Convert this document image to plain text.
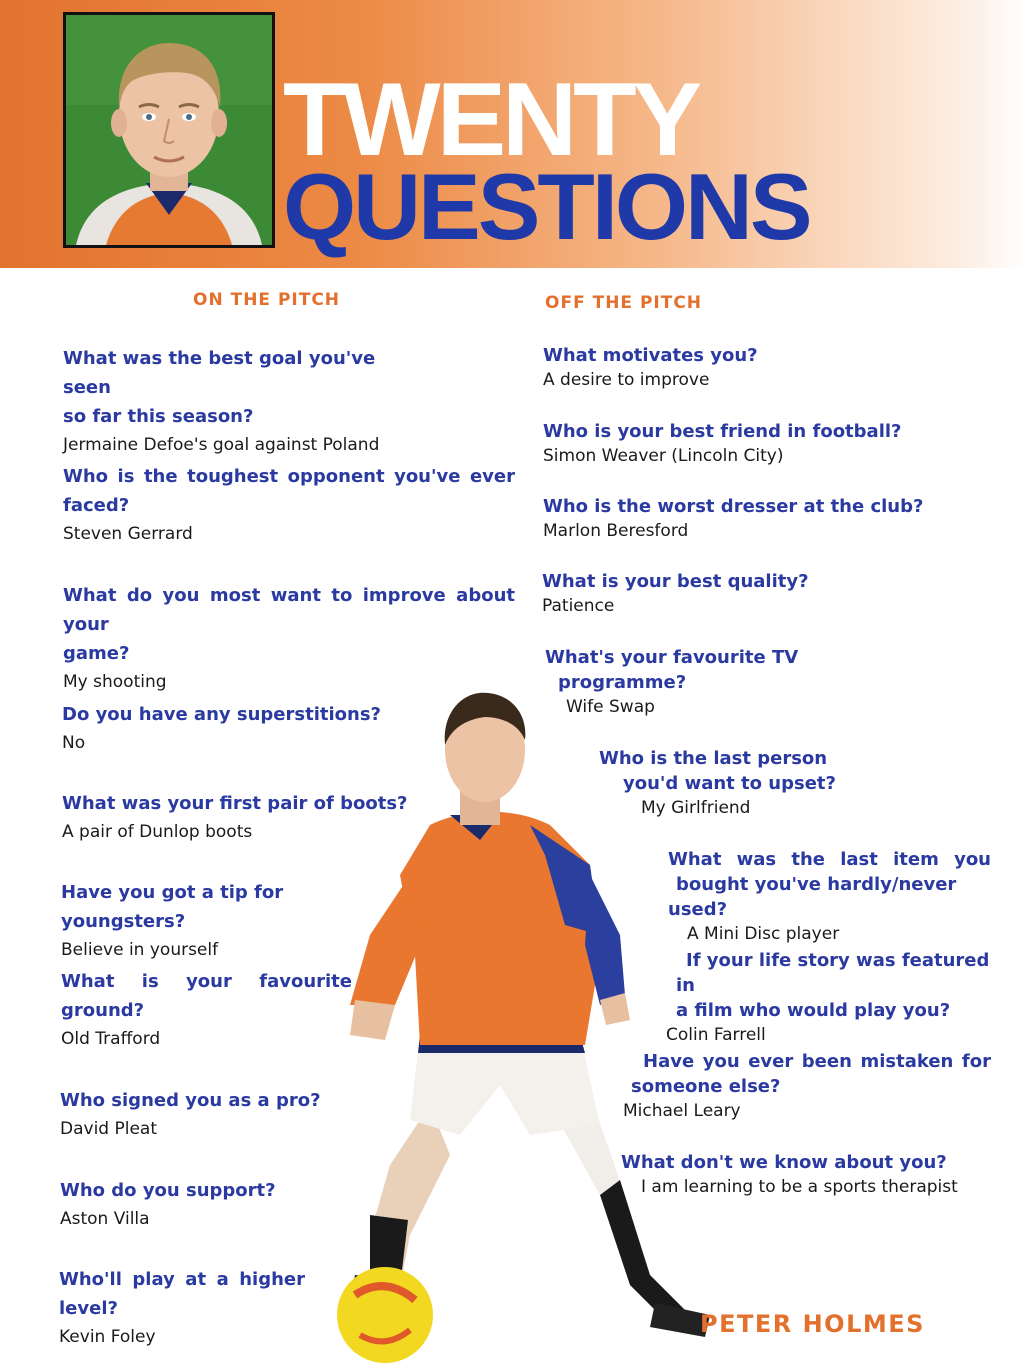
TWENTY
QUESTIONS
ON THE PITCH	OFF THE PITCH

What was the best goal you've seen
so far this season?

Jermaine Defoe's goal against Poland

Who is the toughest opponent you've ever
faced?

Steven Gerrard

What do you most want to improve about your
game?

My shooting

Do you have any superstitions?

No

What was your first pair of boots?

A pair of Dunlop boots

Have you got a tip for youngsters?

Believe in yourself

What is your favourite
ground?

Old Trafford

Who signed you as a pro?

David Pleat

Who do you support?

Aston Villa

Who'll play at a higher
level?

Kevin Foley

What motivates you?

A desire to improve

Who is your best friend in football?

Simon Weaver (Lincoln City)

Who is the worst dresser at the club?

Marlon Beresford

What is your best quality?

Patience

What's your favourite TV
programme?

Wife Swap

Who is the last person
you'd want to upset?

My Girlfriend

What was the last item you
bought you've hardly/never used?

A Mini Disc player

If your life story was featured in
a film who would play you?

Colin Farrell

Have you ever been mistaken for
someone else?

Michael Leary

What don't we know about you?

I am learning to be a sports therapist

PETER HOLMES
